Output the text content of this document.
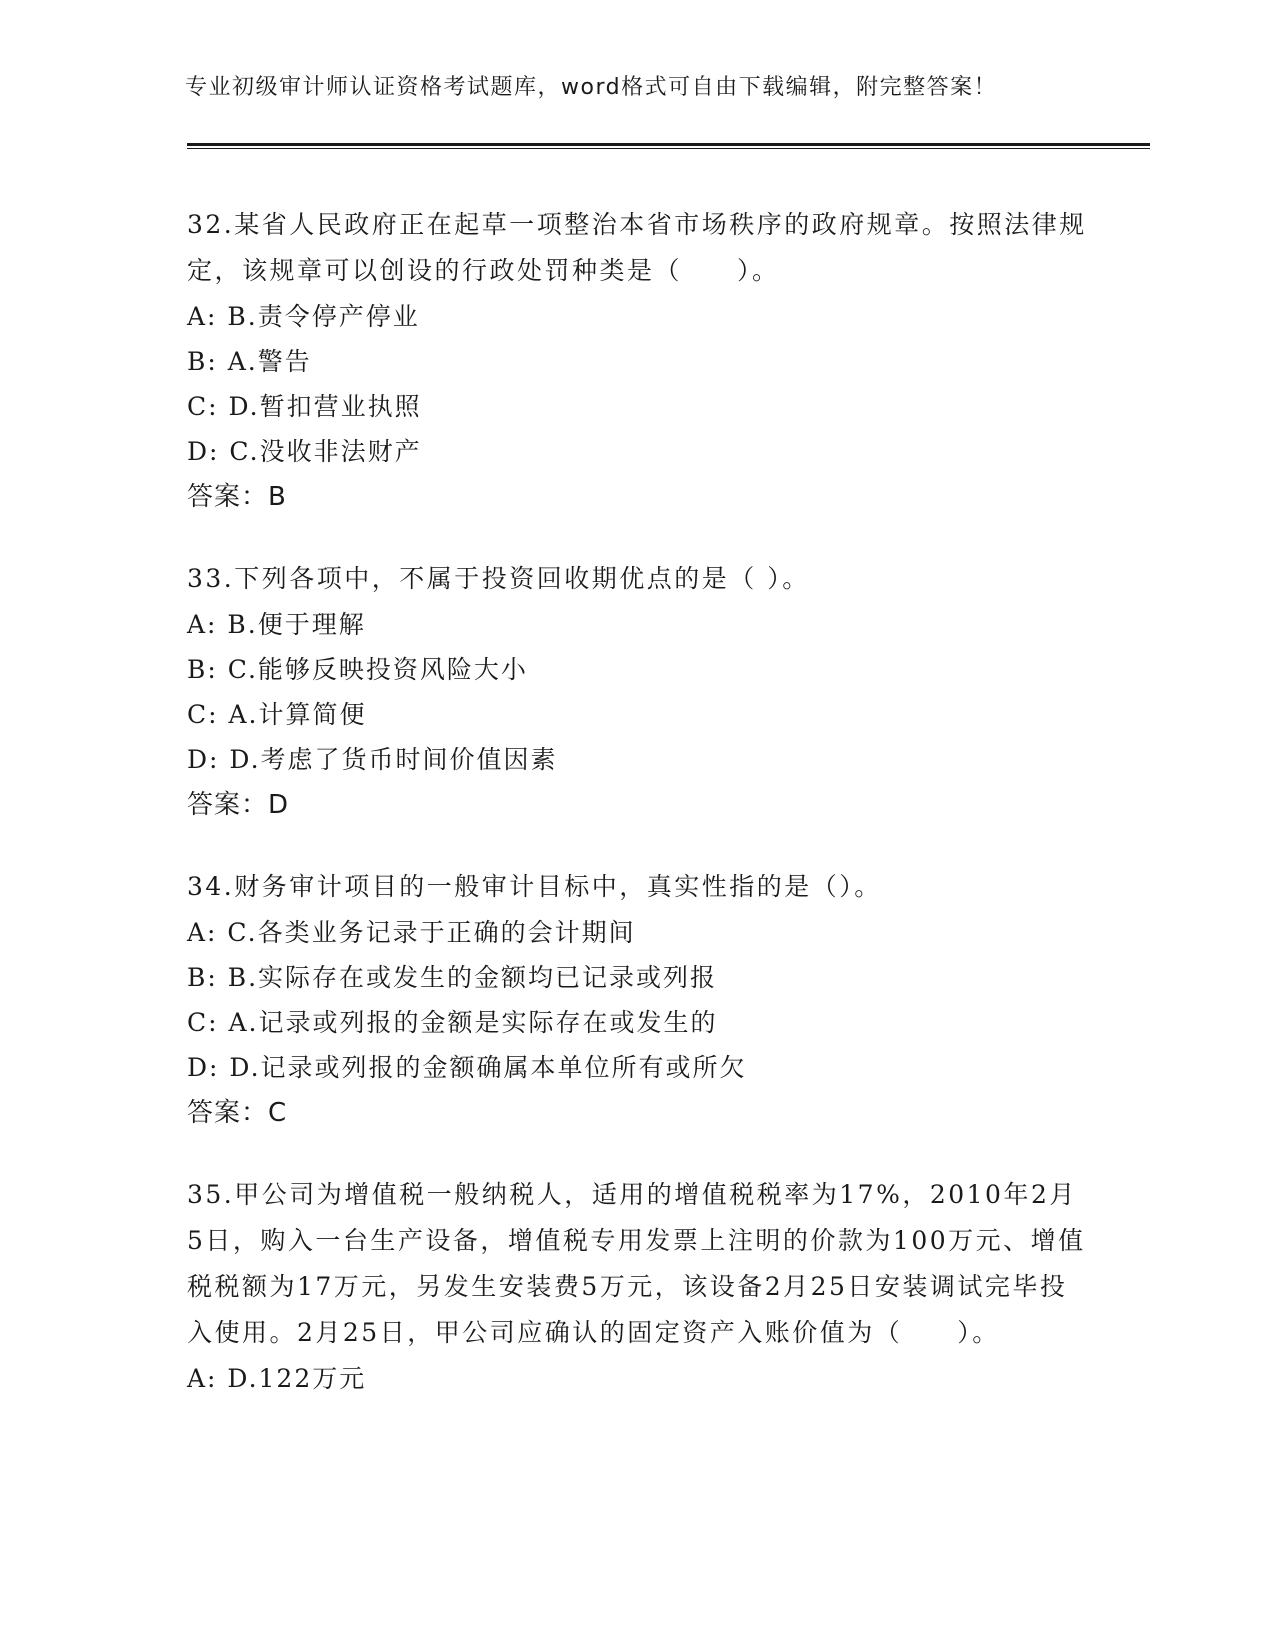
专业初级审计师认证资格考试题库，word格式可自由下载编辑，附完整答案！
32.某省人民政府正在起草一项整治本省市场秩序的政府规章。按照法律规定，该规章可以创设的行政处罚种类是（　　）。
A: B.责令停产停业
B: A.警告
C: D.暂扣营业执照
D: C.没收非法财产
答案：B
33.下列各项中，不属于投资回收期优点的是（ ）。
A: B.便于理解
B: C.能够反映投资风险大小
C: A.计算简便
D: D.考虑了货币时间价值因素
答案：D
34.财务审计项目的一般审计目标中，真实性指的是（）。
A: C.各类业务记录于正确的会计期间
B: B.实际存在或发生的金额均已记录或列报
C: A.记录或列报的金额是实际存在或发生的
D: D.记录或列报的金额确属本单位所有或所欠
答案：C
35.甲公司为增值税一般纳税人，适用的增值税税率为17%，2010年2月5日，购入一台生产设备，增值税专用发票上注明的价款为100万元、增值税税额为17万元，另发生安装费5万元，该设备2月25日安装调试完毕投入使用。2月25日，甲公司应确认的固定资产入账价值为（　　）。
A: D.122万元
